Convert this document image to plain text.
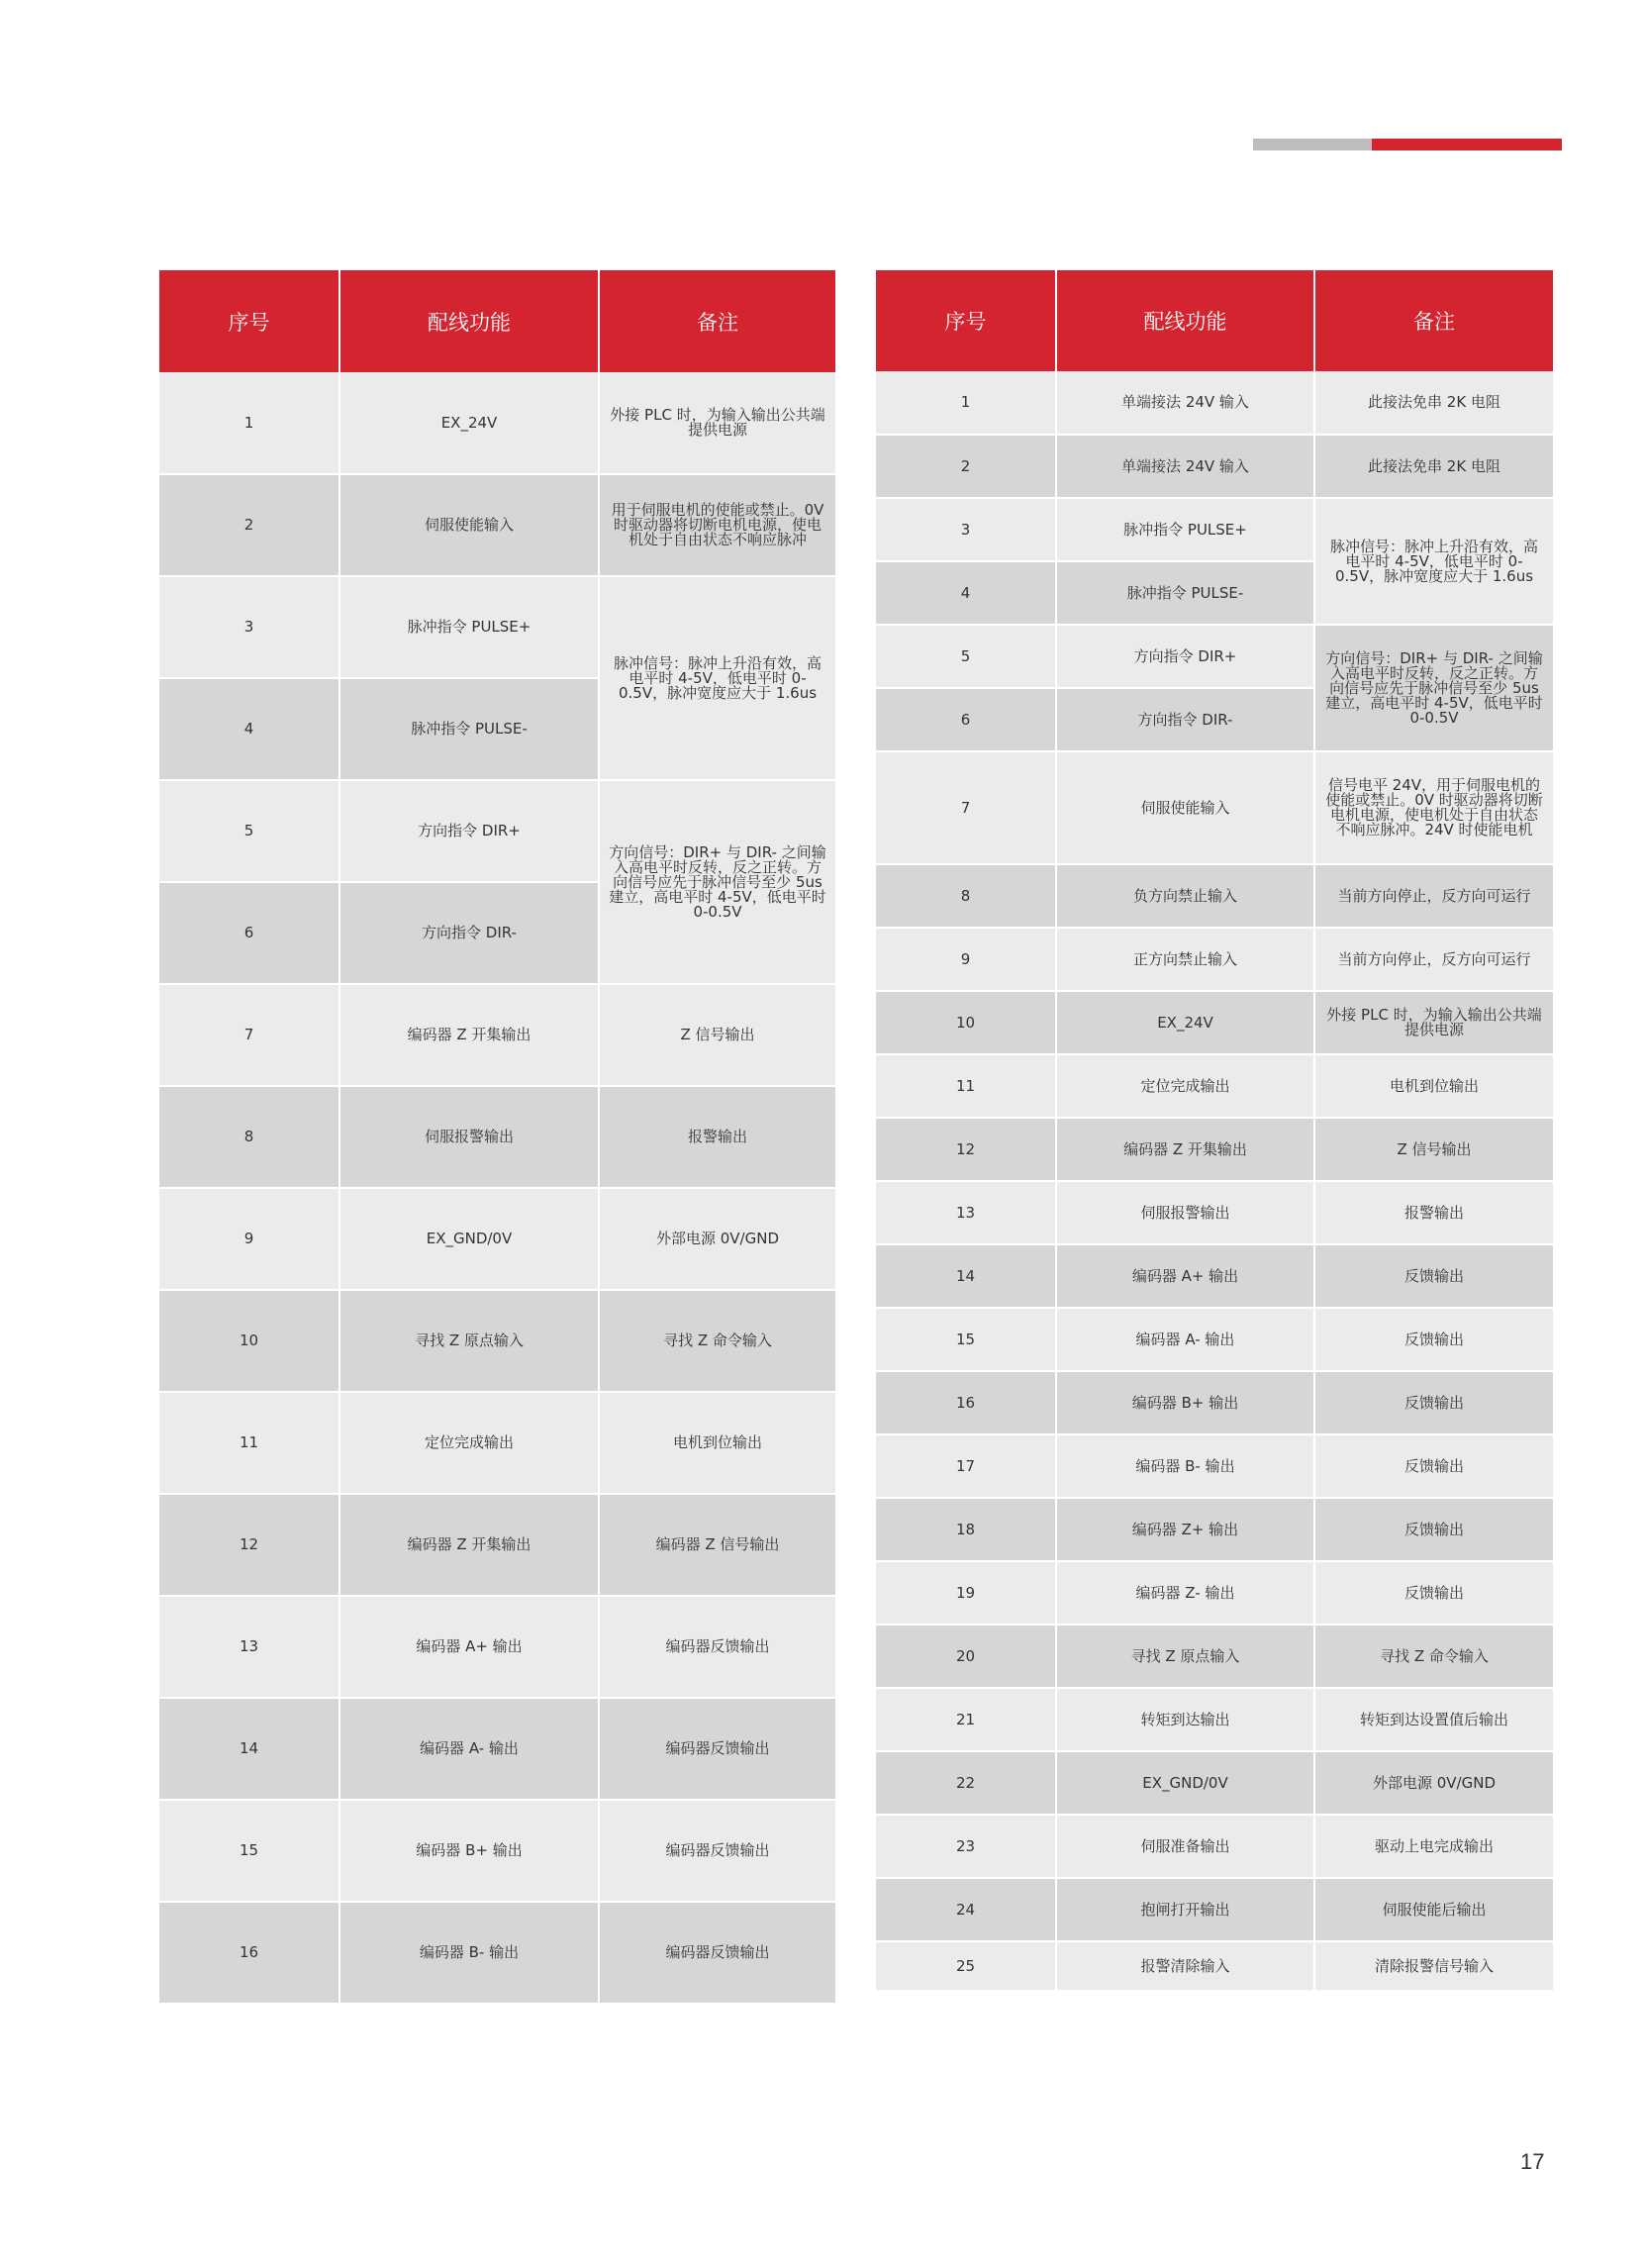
序号	配线功能	备注
1	EX_24V	外接 PLC 时，为输入输出公共端提供电源
2	伺服使能输入	用于伺服电机的使能或禁止。0V 时驱动器将切断电机电源，使电机处于自由状态不响应脉冲
3	脉冲指令 PULSE+	脉冲信号：脉冲上升沿有效，高电平时 4-5V，低电平时 0-0.5V，脉冲宽度应大于 1.6us
4	脉冲指令 PULSE-	
5	方向指令 DIR+	方向信号：DIR+ 与 DIR- 之间输入高电平时反转，反之正转。方向信号应先于脉冲信号至少 5us 建立，高电平时 4-5V，低电平时 0-0.5V
6	方向指令 DIR-	
7	编码器 Z 开集输出	Z 信号输出
8	伺服报警输出	报警输出
9	EX_GND/0V	外部电源 0V/GND
10	寻找 Z 原点输入	寻找 Z 命令输入
11	定位完成输出	电机到位输出
12	编码器 Z 开集输出	编码器 Z 信号输出
13	编码器 A+ 输出	编码器反馈输出
14	编码器 A- 输出	编码器反馈输出
15	编码器 B+ 输出	编码器反馈输出
16	编码器 B- 输出	编码器反馈输出
序号	配线功能	备注
1	单端接法 24V 输入	此接法免串 2K 电阻
2	单端接法 24V 输入	此接法免串 2K 电阻
3	脉冲指令 PULSE+	脉冲信号：脉冲上升沿有效，高电平时 4-5V，低电平时 0-0.5V，脉冲宽度应大于 1.6us
4	脉冲指令 PULSE-	
5	方向指令 DIR+	方向信号：DIR+ 与 DIR- 之间输入高电平时反转，反之正转。方向信号应先于脉冲信号至少 5us 建立，高电平时 4-5V，低电平时 0-0.5V
6	方向指令 DIR-	
7	伺服使能输入	信号电平 24V，用于伺服电机的使能或禁止。0V 时驱动器将切断电机电源，使电机处于自由状态不响应脉冲。24V 时使能电机
8	负方向禁止输入	当前方向停止，反方向可运行
9	正方向禁止输入	当前方向停止，反方向可运行
10	EX_24V	外接 PLC 时，为输入输出公共端提供电源
11	定位完成输出	电机到位输出
12	编码器 Z 开集输出	Z 信号输出
13	伺服报警输出	报警输出
14	编码器 A+ 输出	反馈输出
15	编码器 A- 输出	反馈输出
16	编码器 B+ 输出	反馈输出
17	编码器 B- 输出	反馈输出
18	编码器 Z+ 输出	反馈输出
19	编码器 Z- 输出	反馈输出
20	寻找 Z 原点输入	寻找 Z 命令输入
21	转矩到达输出	转矩到达设置值后输出
22	EX_GND/0V	外部电源 0V/GND
23	伺服准备输出	驱动上电完成输出
24	抱闸打开输出	伺服使能后输出
25	报警清除输入	清除报警信号输入
17
